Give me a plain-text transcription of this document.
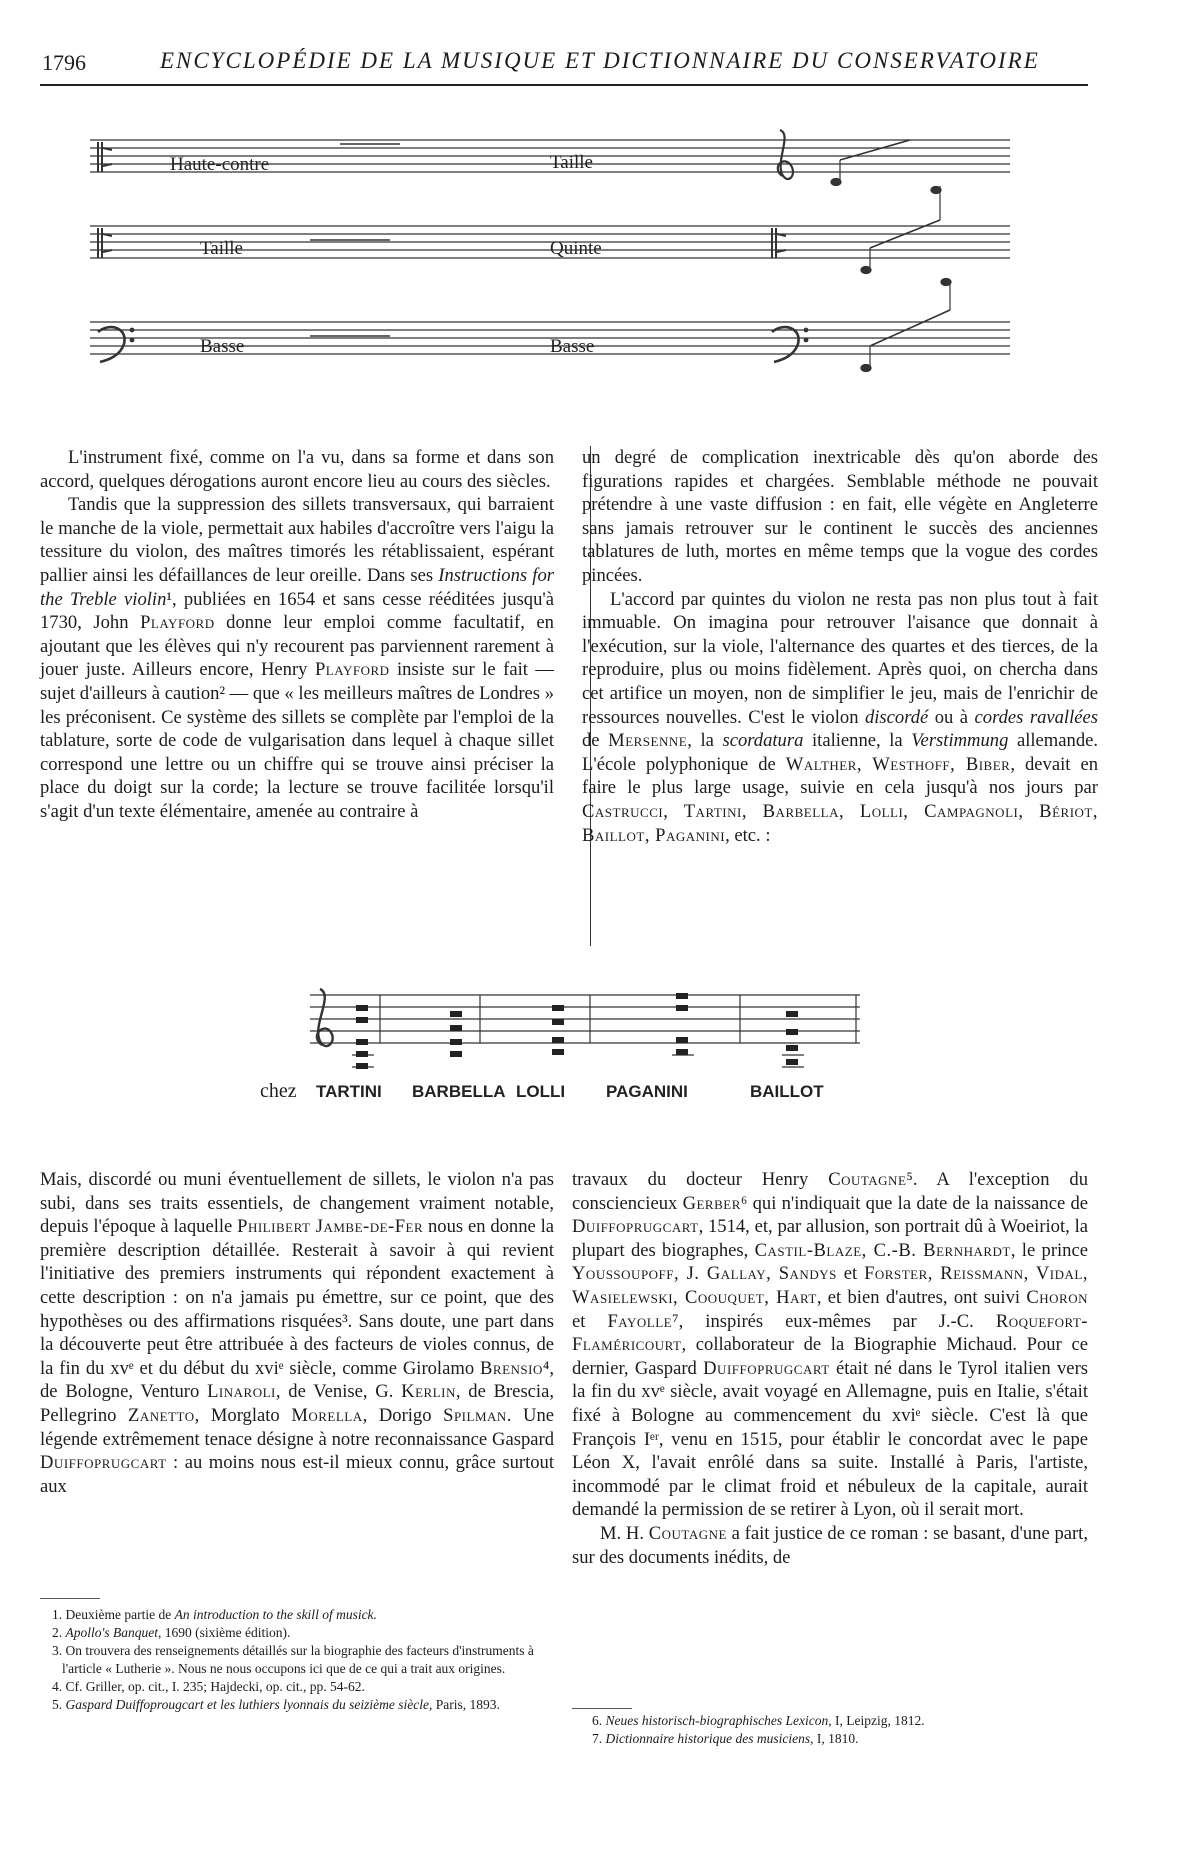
1796	ENCYCLOPÉDIE DE LA MUSIQUE ET DICTIONNAIRE DU CONSERVATOIRE
Haute-contre	Taille
Taille	Quinte
Basse	Basse

L'instrument fixé, comme on l'a vu, dans sa forme et dans son accord, quelques dérogations auront encore lieu au cours des siècles.

Tandis que la suppression des sillets transversaux, qui barraient le manche de la viole, permettait aux habiles d'accroître vers l'aigu la tessiture du violon, des maîtres timorés les rétablissaient, espérant pallier ainsi les défaillances de leur oreille. Dans ses Instructions for the Treble violin¹, publiées en 1654 et sans cesse rééditées jusqu'à 1730, John Playford donne leur emploi comme facultatif, en ajoutant que les élèves qui n'y recourent pas parviennent rarement à jouer juste. Ailleurs encore, Henry Playford insiste sur le fait — sujet d'ailleurs à caution² — que « les meilleurs maîtres de Londres » les préconisent. Ce système des sillets se complète par l'emploi de la tablature, sorte de code de vulgarisation dans lequel à chaque sillet correspond une lettre ou un chiffre qui se trouve ainsi préciser la place du doigt sur la corde; la lecture se trouve facilitée lorsqu'il s'agit d'un texte élémentaire, amenée au contraire à

un degré de complication inextricable dès qu'on aborde des figurations rapides et chargées. Semblable méthode ne pouvait prétendre à une vaste diffusion : en fait, elle végète en Angleterre sans jamais retrouver sur le continent le succès des anciennes tablatures de luth, mortes en même temps que la vogue des cordes pincées.

L'accord par quintes du violon ne resta pas non plus tout à fait immuable. On imagina pour retrouver l'aisance que donnait à l'exécution, sur la viole, l'alternance des quartes et des tierces, de la reproduire, plus ou moins fidèlement. Après quoi, on chercha dans cet artifice un moyen, non de simplifier le jeu, mais de l'enrichir de ressources nouvelles. C'est le violon discordé ou à cordes ravallées de Mersenne, la scordatura italienne, la Verstimmung allemande. L'école polyphonique de Walther, Westhoff, Biber, devait en faire le plus large usage, suivie en cela jusqu'à nos jours par Castrucci, Tartini, Barbella, Lolli, Campagnoli, Bériot, Baillot, Paganini, etc. :

chez TARTINI BARBELLA LOLLI PAGANINI	BAILLOT

Mais, discordé ou muni éventuellement de sillets, le violon n'a pas subi, dans ses traits essentiels, de changement vraiment notable, depuis l'époque à laquelle Philibert Jambe-de-Fer nous en donne la première description détaillée. Resterait à savoir à qui revient l'initiative des premiers instruments qui répondent exactement à cette description : on n'a jamais pu émettre, sur ce point, que des hypothèses ou des affirmations risquées³. Sans doute, une part dans la découverte peut être attribuée à des facteurs de violes connus, de la fin du xvᵉ et du début du xviᵉ siècle, comme Girolamo Brensio⁴, de Bologne, Venturo Linaroli, de Venise, G. Kerlin, de Brescia, Pellegrino Zanetto, Morglato Morella, Dorigo Spilman. Une légende extrêmement tenace désigne à notre reconnaissance Gaspard Duiffoprugcart : au moins nous est-il mieux connu, grâce surtout aux

travaux du docteur Henry Coutagne⁵. A l'exception du consciencieux Gerber⁶ qui n'indiquait que la date de la naissance de Duiffoprugcart, 1514, et, par allusion, son portrait dû à Woeiriot, la plupart des biographes, Castil-Blaze, C.-B. Bernhardt, le prince Youssoupoff, J. Gallay, Sandys et Forster, Reissmann, Vidal, Wasielewski, Coouquet, Hart, et bien d'autres, ont suivi Choron et Fayolle⁷, inspirés eux-mêmes par J.-C. Roquefort-Flaméricourt, collaborateur de la Biographie Michaud. Pour ce dernier, Gaspard Duiffoprugcart était né dans le Tyrol italien vers la fin du xvᵉ siècle, avait voyagé en Allemagne, puis en Italie, s'était fixé à Bologne au commencement du xviᵉ siècle. C'est là que François Iᵉʳ, venu en 1515, pour établir le concordat avec le pape Léon X, l'avait enrôlé dans sa suite. Installé à Paris, l'artiste, incommodé par le climat froid et nébuleux de la capitale, aurait demandé la permission de se retirer à Lyon, où il serait mort.

M. H. Coutagne a fait justice de ce roman : se basant, d'une part, sur des documents inédits, de

1. Deuxième partie de An introduction to the skill of musick.
2. Apollo's Banquet, 1690 (sixième édition).
3. On trouvera des renseignements détaillés sur la biographie des facteurs d'instruments à l'article « Lutherie ». Nous ne nous occupons ici que de ce qui a trait aux origines.
4. Cf. Griller, op. cit., I. 235; Hajdecki, op. cit., pp. 54-62.
5. Gaspard Duiffoprougcart et les luthiers lyonnais du seizième siècle, Paris, 1893.
6. Neues historisch-biographisches Lexicon, I, Leipzig, 1812.
7. Dictionnaire historique des musiciens, I, 1810.
